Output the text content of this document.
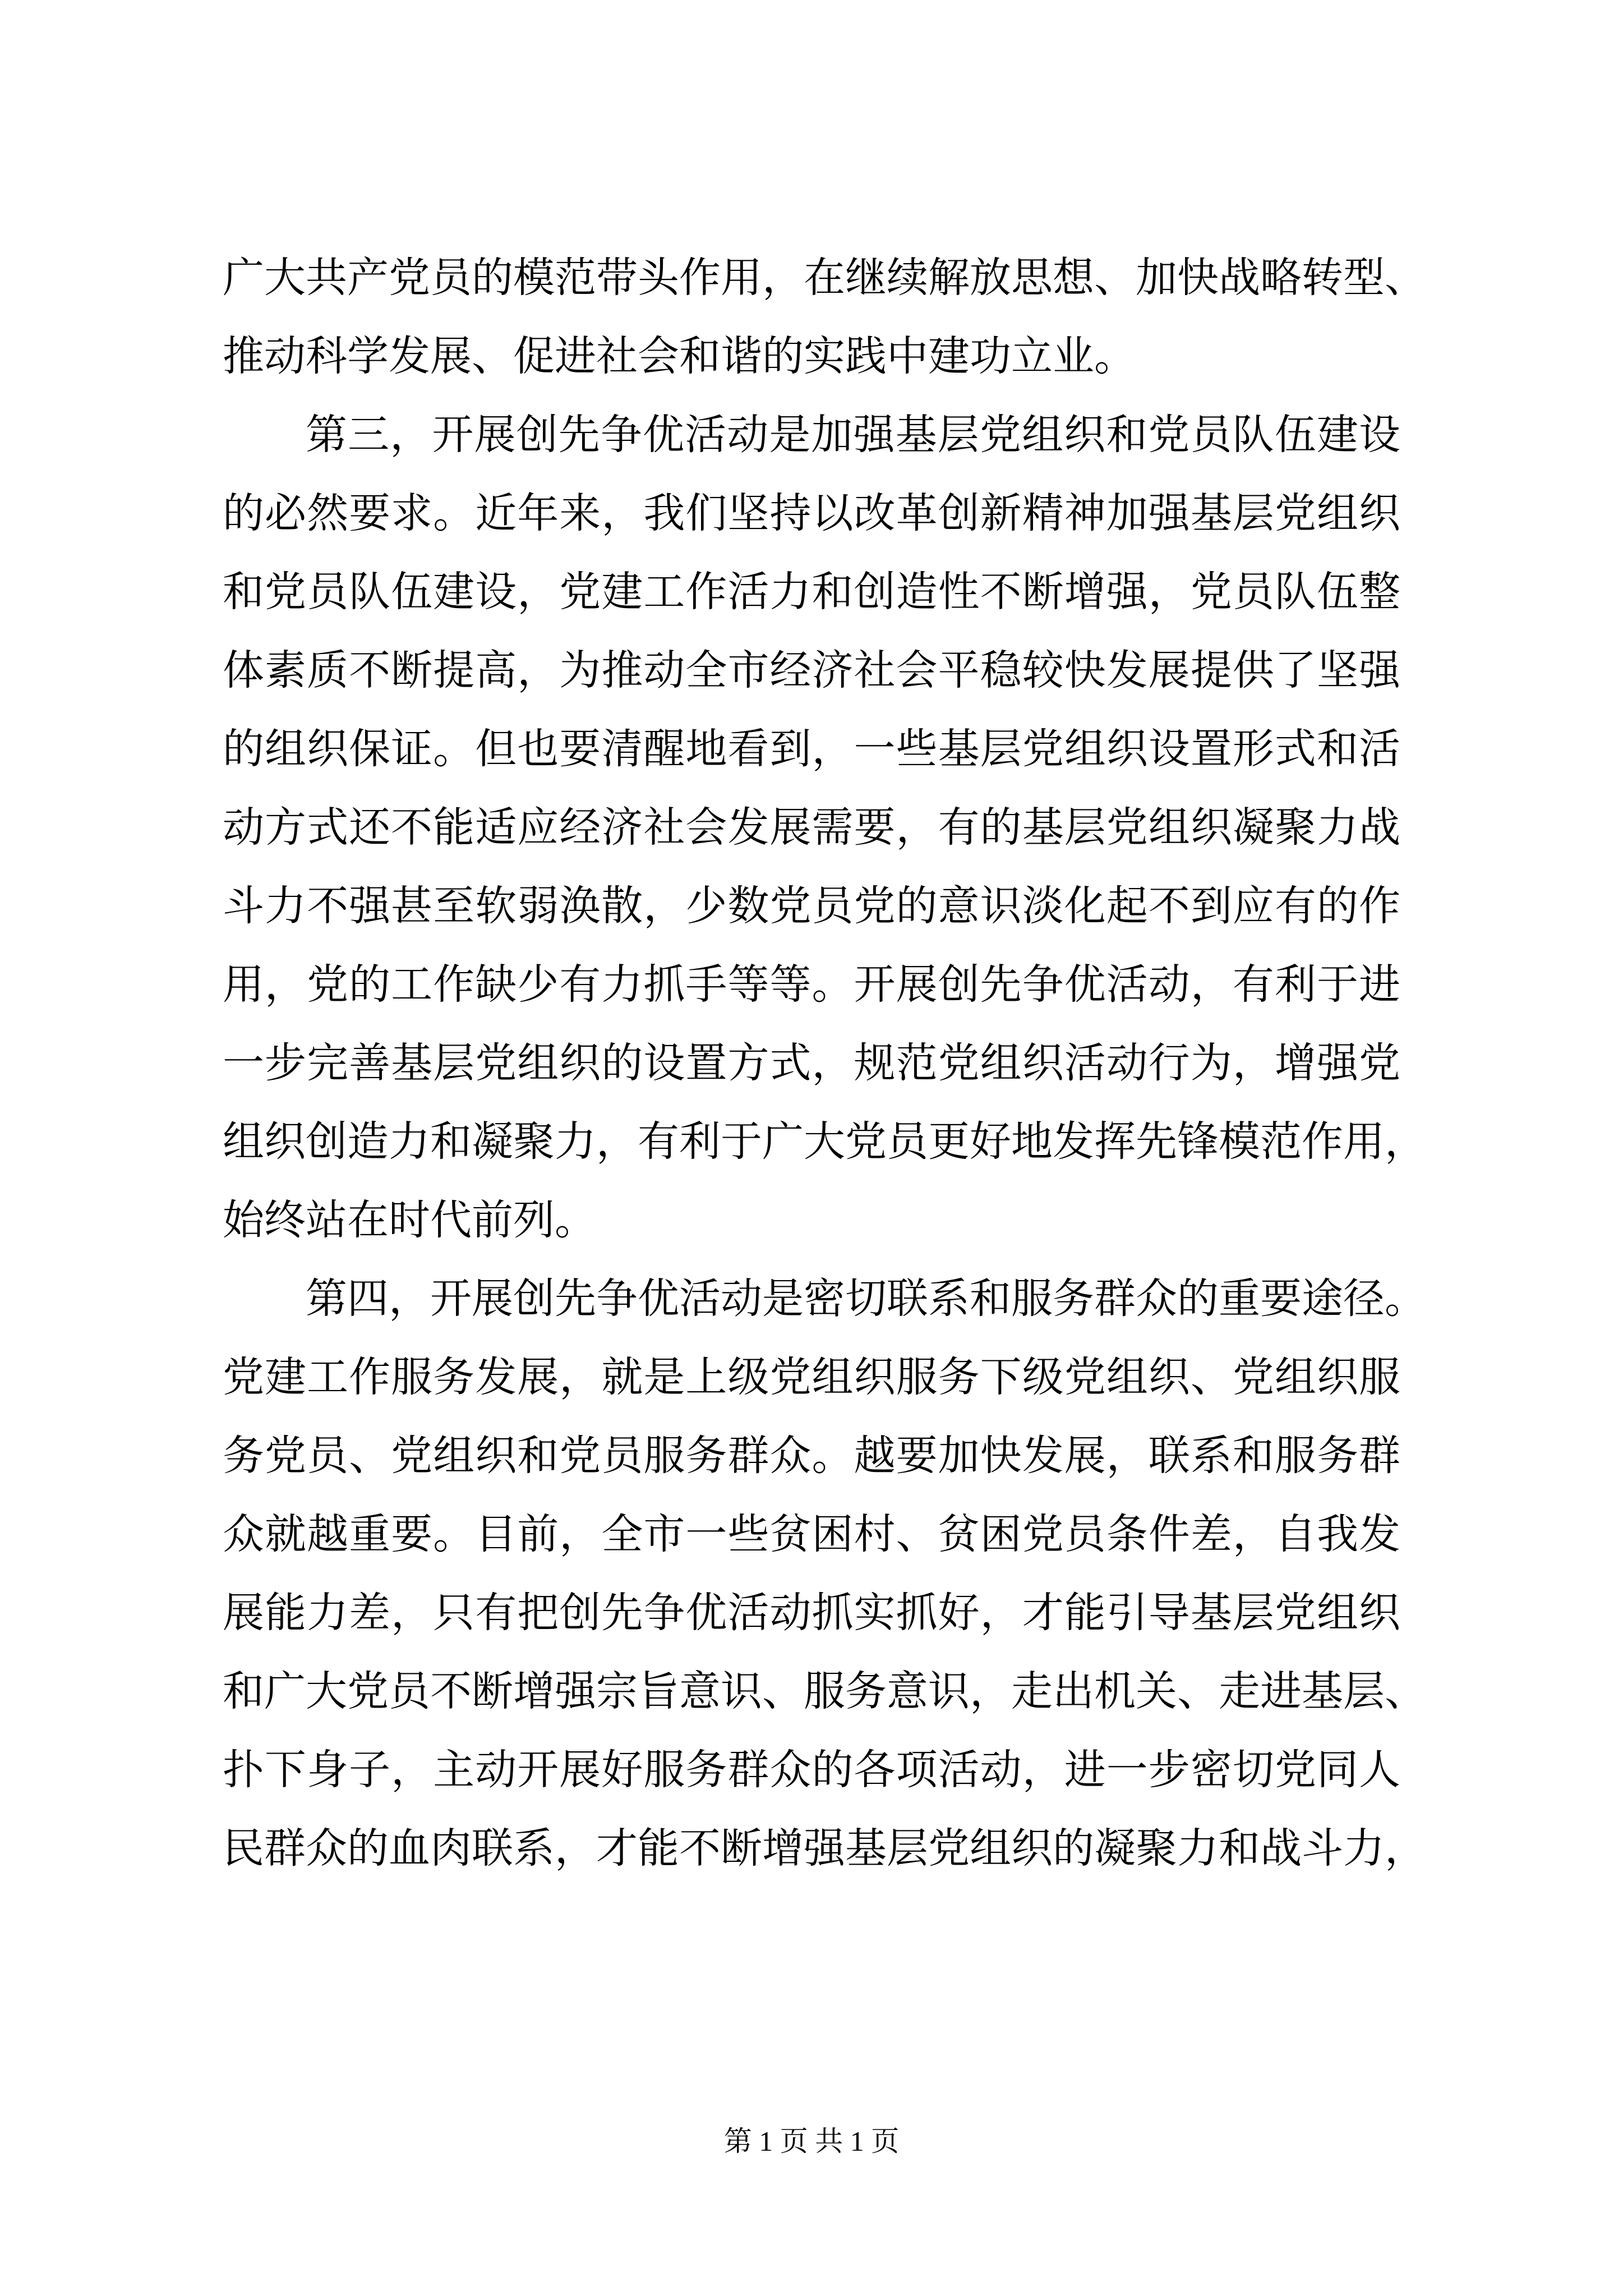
广大共产党员的模范带头作用，在继续解放思想、加快战略转型、
推动科学发展、促进社会和谐的实践中建功立业。
第三，开展创先争优活动是加强基层党组织和党员队伍建设
的必然要求。近年来，我们坚持以改革创新精神加强基层党组织
和党员队伍建设，党建工作活力和创造性不断增强，党员队伍整
体素质不断提高，为推动全市经济社会平稳较快发展提供了坚强
的组织保证。但也要清醒地看到，一些基层党组织设置形式和活
动方式还不能适应经济社会发展需要，有的基层党组织凝聚力战
斗力不强甚至软弱涣散，少数党员党的意识淡化起不到应有的作
用，党的工作缺少有力抓手等等。开展创先争优活动，有利于进
一步完善基层党组织的设置方式，规范党组织活动行为，增强党
组织创造力和凝聚力，有利于广大党员更好地发挥先锋模范作用，
始终站在时代前列。
第四，开展创先争优活动是密切联系和服务群众的重要途径。
党建工作服务发展，就是上级党组织服务下级党组织、党组织服
务党员、党组织和党员服务群众。越要加快发展，联系和服务群
众就越重要。目前，全市一些贫困村、贫困党员条件差，自我发
展能力差，只有把创先争优活动抓实抓好，才能引导基层党组织
和广大党员不断增强宗旨意识、服务意识，走出机关、走进基层、
扑下身子，主动开展好服务群众的各项活动，进一步密切党同人
民群众的血肉联系，才能不断增强基层党组织的凝聚力和战斗力，
第 1 页 共 1 页
